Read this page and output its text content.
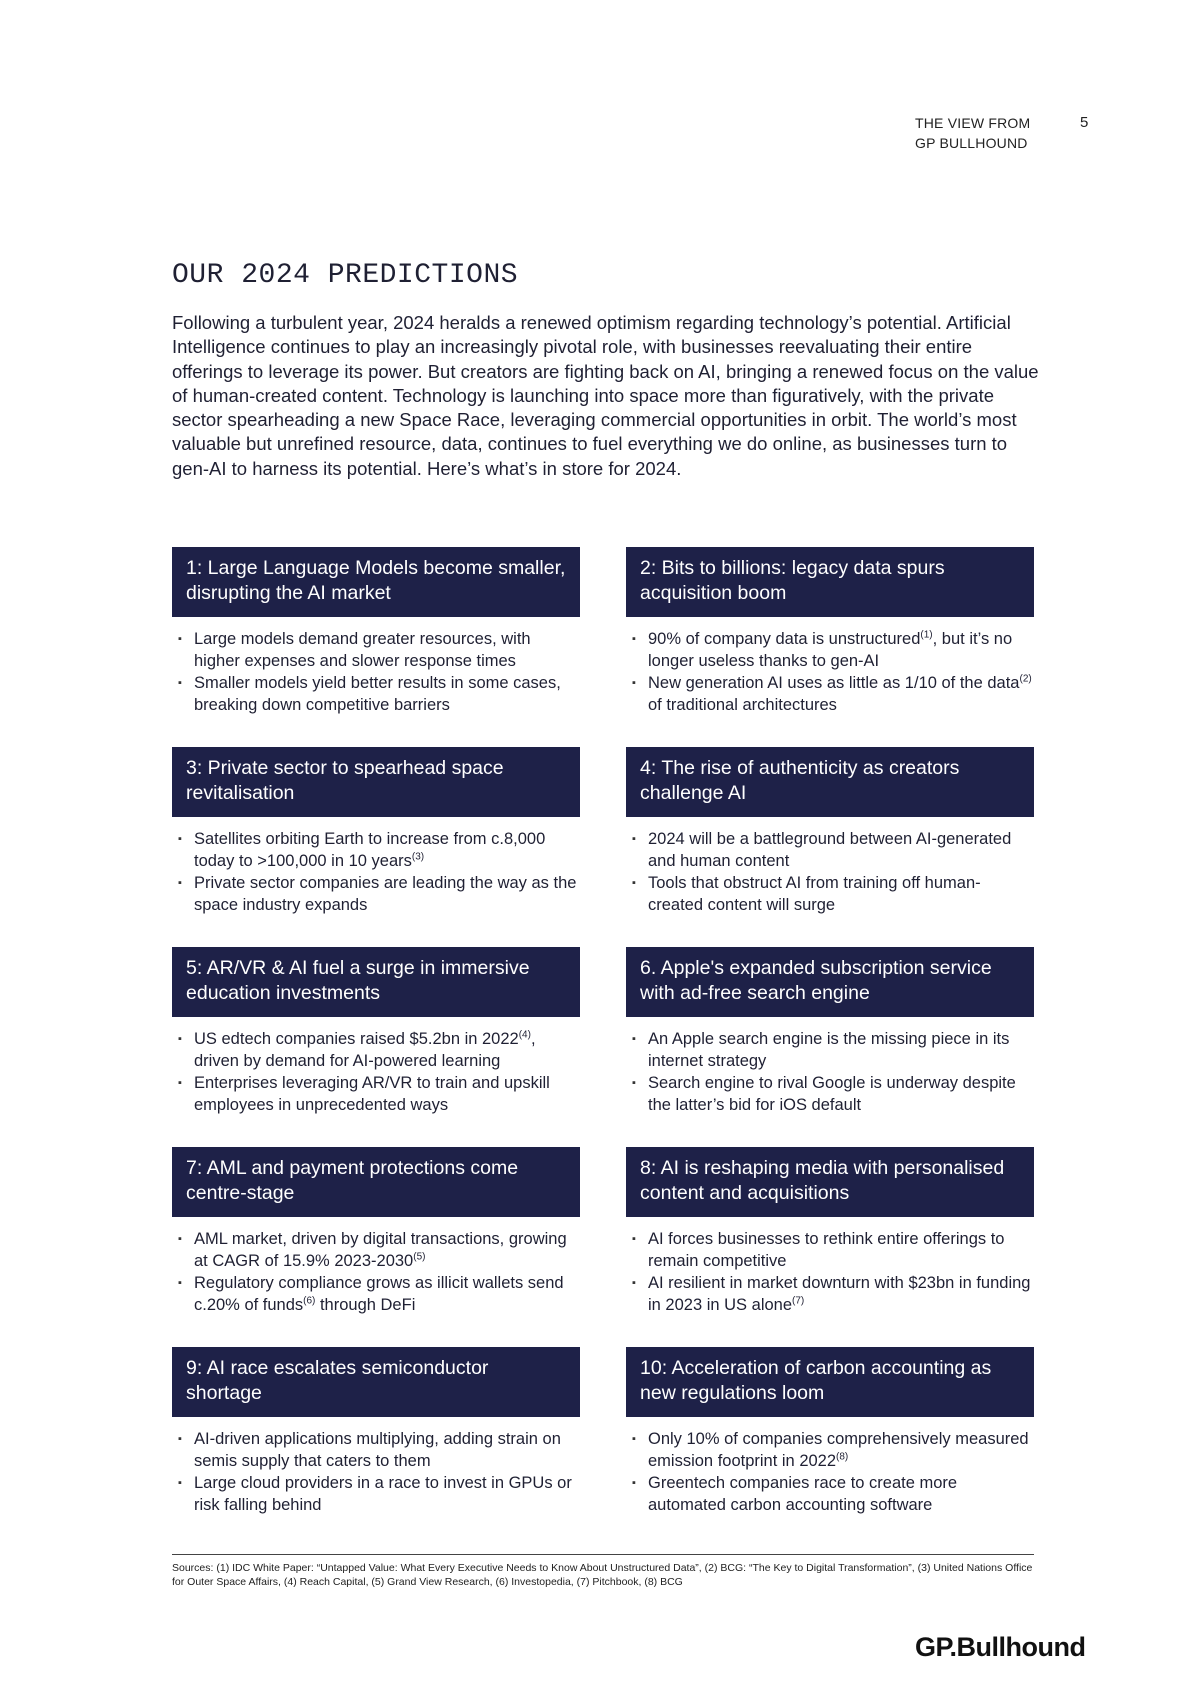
THE VIEW FROM
GP BULLHOUND
5
OUR 2024 PREDICTIONS

Following a turbulent year, 2024 heralds a renewed optimism regarding technology’s potential. Artificial Intelligence continues to play an increasingly pivotal role, with businesses reevaluating their entire offerings to leverage its power. But creators are fighting back on AI, bringing a renewed focus on the value of human-created content. Technology is launching into space more than figuratively, with the private sector spearheading a new Space Race, leveraging commercial opportunities in orbit. The world’s most valuable but unrefined resource, data, continues to fuel everything we do online, as businesses turn to gen-AI to harness its potential. Here’s what’s in store for 2024.

1: Large Language Models become smaller, disrupting the AI market
▪ Large models demand greater resources, with higher expenses and slower response times
▪ Smaller models yield better results in some cases, breaking down competitive barriers
2: Bits to billions: legacy data spurs acquisition boom
▪ 90% of company data is unstructured$^{(1)}$, but it’s no longer useless thanks to gen-AI
▪ New generation AI uses as little as 1/10 of the data$^{(2)}$ of traditional architectures
3: Private sector to spearhead space revitalisation
▪ Satellites orbiting Earth to increase from c.8,000 today to >100,000 in 10 years$^{(3)}$
▪ Private sector companies are leading the way as the space industry expands
4: The rise of authenticity as creators challenge AI
▪ 2024 will be a battleground between AI-generated and human content
▪ Tools that obstruct AI from training off human-created content will surge
5: AR/VR & AI fuel a surge in immersive education investments
▪ US edtech companies raised $5.2bn in 2022$^{(4)}$, driven by demand for AI-powered learning
▪ Enterprises leveraging AR/VR to train and upskill employees in unprecedented ways
6. Apple's expanded subscription service with ad-free search engine
▪ An Apple search engine is the missing piece in its internet strategy
▪ Search engine to rival Google is underway despite the latter’s bid for iOS default
7: AML and payment protections come centre-stage
▪ AML market, driven by digital transactions, growing at CAGR of 15.9% 2023-2030$^{(5)}$
▪ Regulatory compliance grows as illicit wallets send c.20% of funds$^{(6)}$ through DeFi
8: AI is reshaping media with personalised content and acquisitions
▪ AI forces businesses to rethink entire offerings to remain competitive
▪ AI resilient in market downturn with $23bn in funding in 2023 in US alone$^{(7)}$
9: AI race escalates semiconductor shortage
▪ AI-driven applications multiplying, adding strain on semis supply that caters to them
▪ Large cloud providers in a race to invest in GPUs or risk falling behind
10: Acceleration of carbon accounting as new regulations loom
▪ Only 10% of companies comprehensively measured emission footprint in 2022$^{(8)}$
▪ Greentech companies race to create more automated carbon accounting software

Sources: (1) IDC White Paper: “Untapped Value: What Every Executive Needs to Know About Unstructured Data”, (2) BCG: “The Key to Digital Transformation”, (3) United Nations Office for Outer Space Affairs, (4) Reach Capital, (5) Grand View Research, (6) Investopedia, (7) Pitchbook, (8) BCG

GP.Bullhound
